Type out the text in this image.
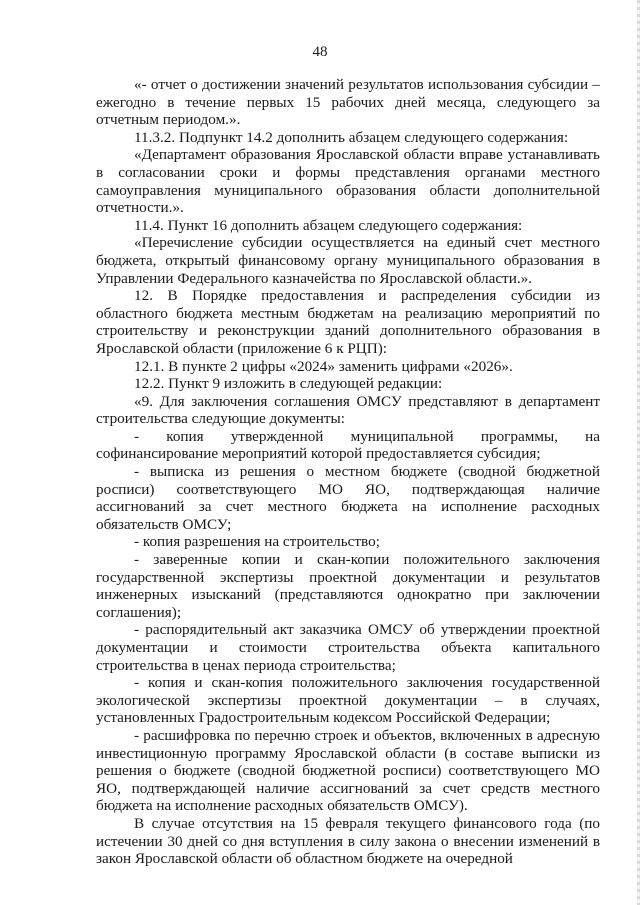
48

«- отчет о достижении значений результатов использования субсидии – ежегодно в течение первых 15 рабочих дней месяца, следующего за отчетным периодом.».

11.3.2. Подпункт 14.2 дополнить абзацем следующего содержания:

«Департамент образования Ярославской области вправе устанавливать в согласовании сроки и формы представления органами местного самоуправления муниципального образования области дополнительной отчетности.».

11.4. Пункт 16 дополнить абзацем следующего содержания:

«Перечисление субсидии осуществляется на единый счет местного бюджета, открытый финансовому органу муниципального образования в Управлении Федерального казначейства по Ярославской области.».

12. В Порядке предоставления и распределения субсидии из областного бюджета местным бюджетам на реализацию мероприятий по строительству и реконструкции зданий дополнительного образования в Ярославской области (приложение 6 к РЦП):

12.1. В пункте 2 цифры «2024» заменить цифрами «2026».

12.2. Пункт 9 изложить в следующей редакции:

«9. Для заключения соглашения ОМСУ представляют в департамент строительства следующие документы:

- копия утвержденной муниципальной программы, на софинансирование мероприятий которой предоставляется субсидия;

- выписка из решения о местном бюджете (сводной бюджетной росписи) соответствующего МО ЯО, подтверждающая наличие ассигнований за счет местного бюджета на исполнение расходных обязательств ОМСУ;

- копия разрешения на строительство;

- заверенные копии и скан-копии положительного заключения государственной экспертизы проектной документации и результатов инженерных изысканий (представляются однократно при заключении соглашения);

- распорядительный акт заказчика ОМСУ об утверждении проектной документации и стоимости строительства объекта капитального строительства в ценах периода строительства;

- копия и скан-копия положительного заключения государственной экологической экспертизы проектной документации – в случаях, установленных Градостроительным кодексом Российской Федерации;

- расшифровка по перечню строек и объектов, включенных в адресную инвестиционную программу Ярославской области (в составе выписки из решения о бюджете (сводной бюджетной росписи) соответствующего МО ЯО, подтверждающей наличие ассигнований за счет средств местного бюджета на исполнение расходных обязательств ОМСУ).

В случае отсутствия на 15 февраля текущего финансового года (по истечении 30 дней со дня вступления в силу закона о внесении изменений в закон Ярославской области об областном бюджете на очередной
